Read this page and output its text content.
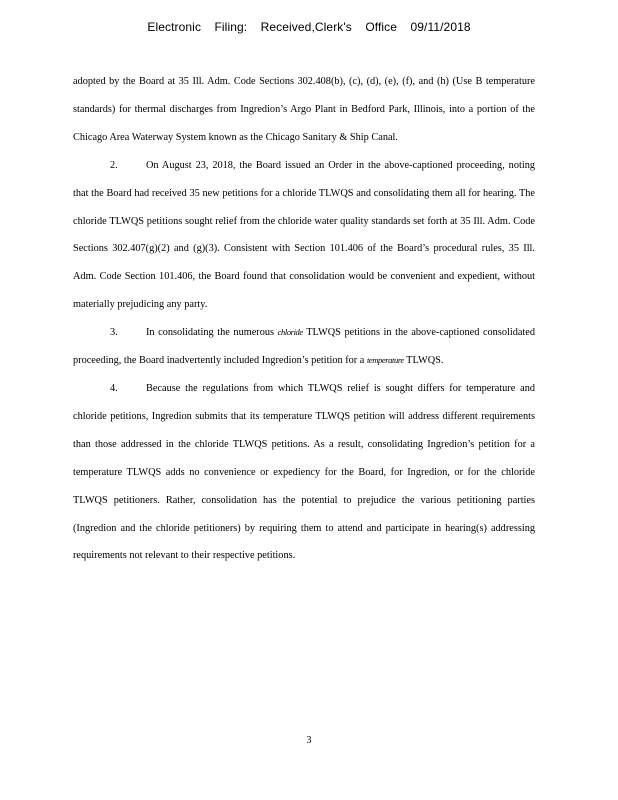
Electronic Filing: Received,Clerk's Office 09/11/2018

adopted by the Board at 35 Ill. Adm. Code Sections 302.408(b), (c), (d), (e), (f), and (h) (Use B temperature standards) for thermal discharges from Ingredion’s Argo Plant in Bedford Park, Illinois, into a portion of the Chicago Area Waterway System known as the Chicago Sanitary & Ship Canal.

2.	On August 23, 2018, the Board issued an Order in the above-captioned proceeding, noting that the Board had received 35 new petitions for a chloride TLWQS and consolidating them all for hearing. The chloride TLWQS petitions sought relief from the chloride water quality standards set forth at 35 Ill. Adm. Code Sections 302.407(g)(2) and (g)(3). Consistent with Section 101.406 of the Board’s procedural rules, 35 Ill. Adm. Code Section 101.406, the Board found that consolidation would be convenient and expedient, without materially prejudicing any party.

3.	In consolidating the numerous chloride TLWQS petitions in the above-captioned consolidated proceeding, the Board inadvertently included Ingredion’s petition for a temperature TLWQS.

4.	Because the regulations from which TLWQS relief is sought differs for temperature and chloride petitions, Ingredion submits that its temperature TLWQS petition will address different requirements than those addressed in the chloride TLWQS petitions. As a result, consolidating Ingredion’s petition for a temperature TLWQS adds no convenience or expediency for the Board, for Ingredion, or for the chloride TLWQS petitioners. Rather, consolidation has the potential to prejudice the various petitioning parties (Ingredion and the chloride petitioners) by requiring them to attend and participate in hearing(s) addressing requirements not relevant to their respective petitions.

3
